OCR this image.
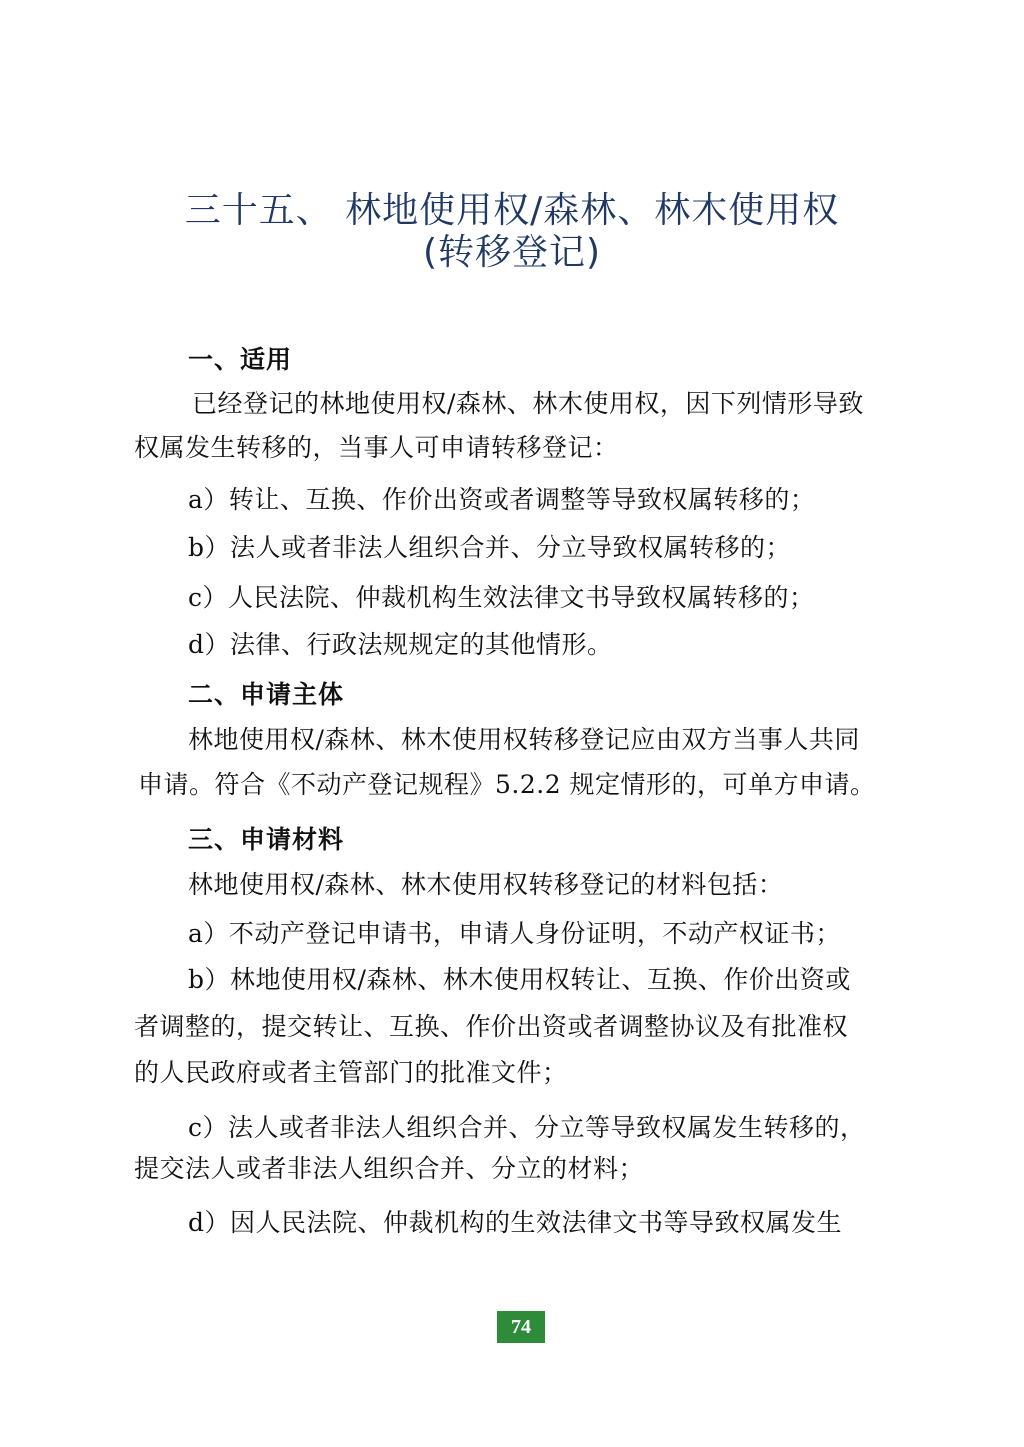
三十五、 林地使用权/森林、林木使用权
(转移登记)
一、适用
已经登记的林地使用权/森林、林木使用权，因下列情形导致
权属发生转移的，当事人可申请转移登记：
a）转让、互换、作价出资或者调整等导致权属转移的；
b）法人或者非法人组织合并、分立导致权属转移的；
c）人民法院、仲裁机构生效法律文书导致权属转移的；
d）法律、行政法规规定的其他情形。
二、申请主体
林地使用权/森林、林木使用权转移登记应由双方当事人共同
申请。符合《不动产登记规程》5.2.2 规定情形的，可单方申请。
三、申请材料
林地使用权/森林、林木使用权转移登记的材料包括：
a）不动产登记申请书，申请人身份证明，不动产权证书；
b）林地使用权/森林、林木使用权转让、互换、作价出资或
者调整的，提交转让、互换、作价出资或者调整协议及有批准权
的人民政府或者主管部门的批准文件；
c）法人或者非法人组织合并、分立等导致权属发生转移的，
提交法人或者非法人组织合并、分立的材料；
d）因人民法院、仲裁机构的生效法律文书等导致权属发生
74
